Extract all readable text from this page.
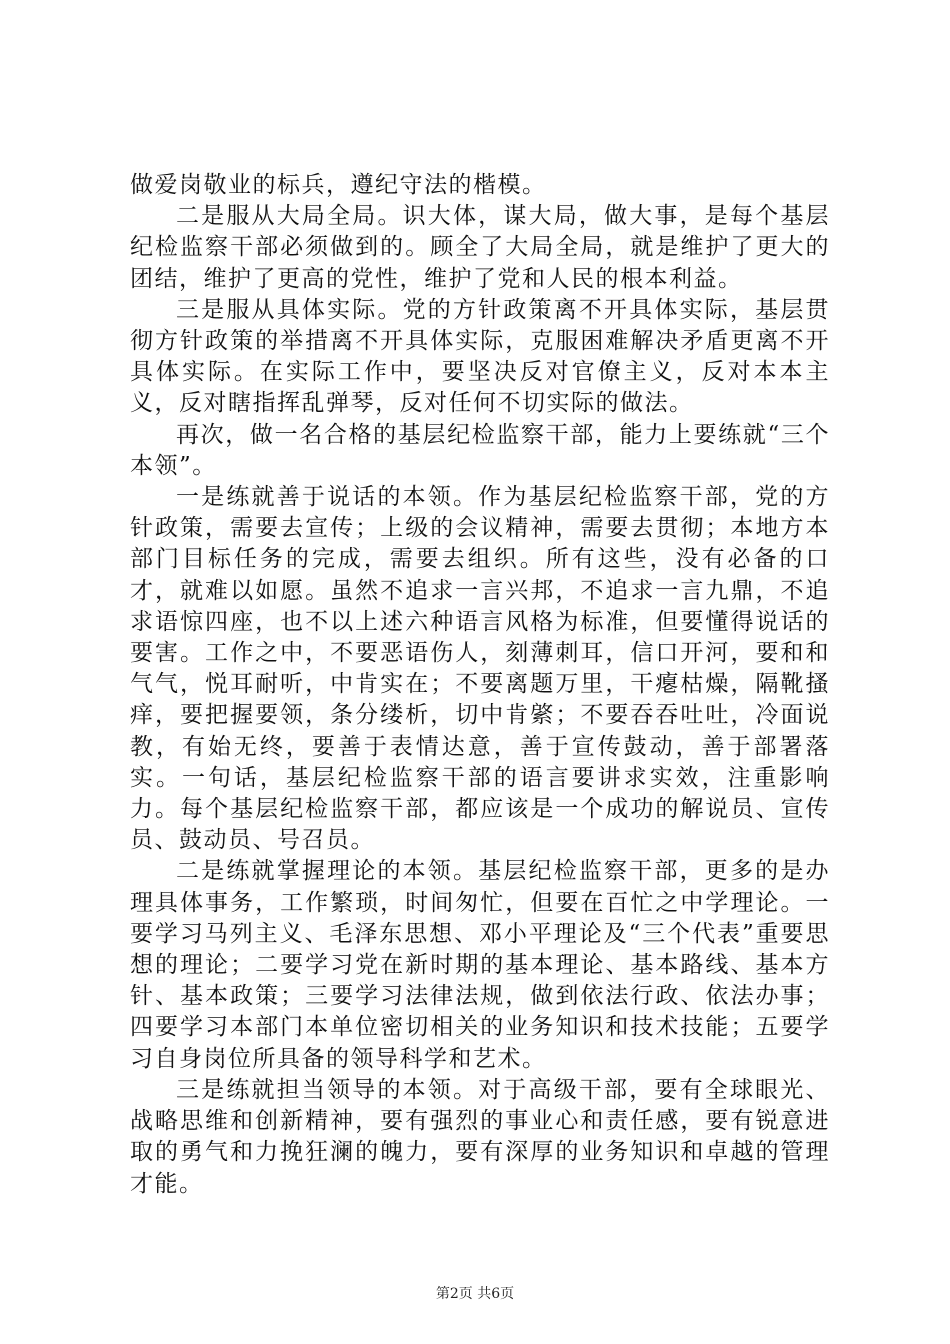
做爱岗敬业的标兵，遵纪守法的楷模。

二是服从大局全局。识大体，谋大局，做大事，是每个基层纪检监察干部必须做到的。顾全了大局全局，就是维护了更大的团结，维护了更高的党性，维护了党和人民的根本利益。

三是服从具体实际。党的方针政策离不开具体实际，基层贯彻方针政策的举措离不开具体实际，克服困难解决矛盾更离不开具体实际。在实际工作中，要坚决反对官僚主义，反对本本主义，反对瞎指挥乱弹琴，反对任何不切实际的做法。

再次，做一名合格的基层纪检监察干部，能力上要练就“三个本领”。

一是练就善于说话的本领。作为基层纪检监察干部，党的方针政策，需要去宣传；上级的会议精神，需要去贯彻；本地方本部门目标任务的完成，需要去组织。所有这些，没有必备的口才，就难以如愿。虽然不追求一言兴邦，不追求一言九鼎，不追求语惊四座，也不以上述六种语言风格为标准，但要懂得说话的要害。工作之中，不要恶语伤人，刻薄刺耳，信口开河，要和和气气，悦耳耐听，中肯实在；不要离题万里，干瘪枯燥，隔靴搔痒，要把握要领，条分缕析，切中肯綮；不要吞吞吐吐，冷面说教，有始无终，要善于表情达意，善于宣传鼓动，善于部署落实。一句话，基层纪检监察干部的语言要讲求实效，注重影响力。每个基层纪检监察干部，都应该是一个成功的解说员、宣传员、鼓动员、号召员。

二是练就掌握理论的本领。基层纪检监察干部，更多的是办理具体事务，工作繁琐，时间匆忙，但要在百忙之中学理论。一要学习马列主义、毛泽东思想、邓小平理论及“三个代表”重要思想的理论；二要学习党在新时期的基本理论、基本路线、基本方针、基本政策；三要学习法律法规，做到依法行政、依法办事；四要学习本部门本单位密切相关的业务知识和技术技能；五要学习自身岗位所具备的领导科学和艺术。

三是练就担当领导的本领。对于高级干部，要有全球眼光、战略思维和创新精神，要有强烈的事业心和责任感，要有锐意进取的勇气和力挽狂澜的魄力，要有深厚的业务知识和卓越的管理才能。

第2页 共6页
